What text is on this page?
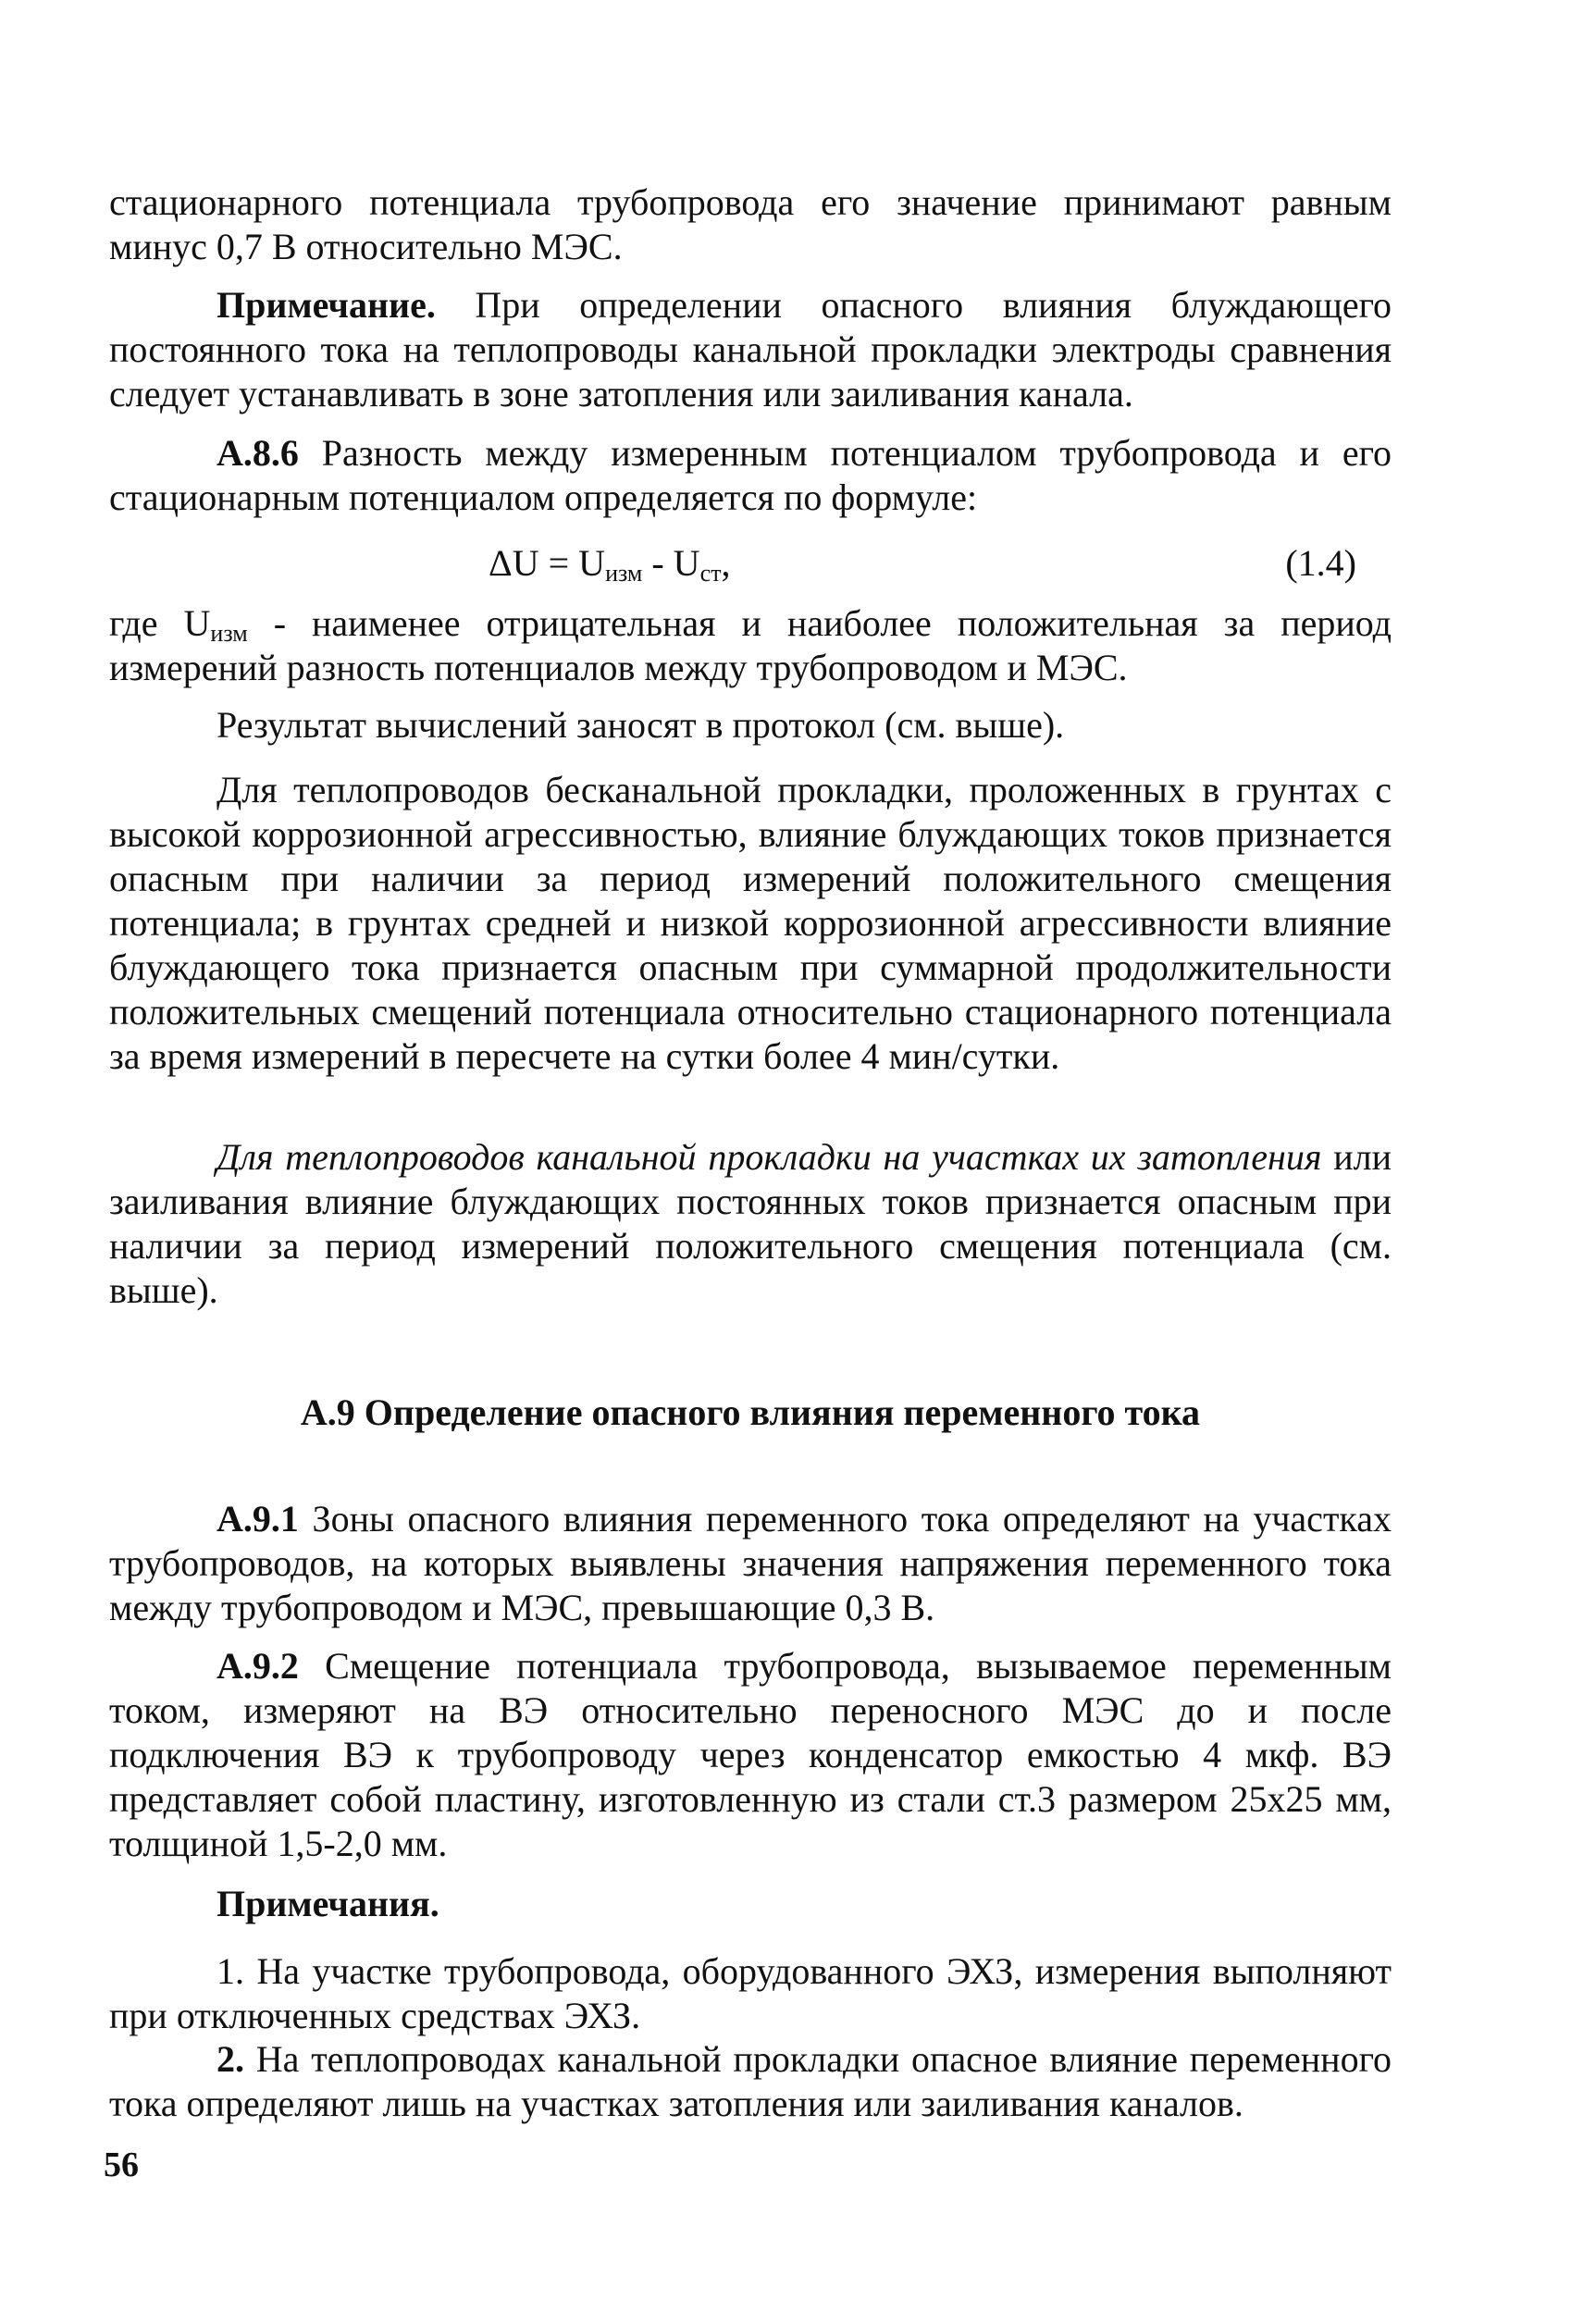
стационарного потенциала трубопровода его значение принимают равным минус 0,7 В относительно МЭС.

Примечание. При определении опасного влияния блуждающего постоянного тока на теплопроводы канальной прокладки электроды сравнения следует устанавливать в зоне затопления или заиливания канала.

А.8.6 Разность между измеренным потенциалом трубопровода и его стационарным потенциалом определяется по формуле:

$\Delta U = U_{изм} - U_{ст}$,	(1.4)

где $U_{изм}$ - наименее отрицательная и наиболее положительная за период измерений разность потенциалов между трубопроводом и МЭС.

Результат вычислений заносят в протокол (см. выше).

Для теплопроводов бесканальной прокладки, проложенных в грунтах с высокой коррозионной агрессивностью, влияние блуждающих токов признается опасным при наличии за период измерений положительного смещения потенциала; в грунтах средней и низкой коррозионной агрессивности влияние блуждающего тока признается опасным при суммарной продолжительности положительных смещений потенциала относительно стационарного потенциала за время измерений в пересчете на сутки более 4 мин/сутки.

Для теплопроводов канальной прокладки на участках их затопления или заиливания влияние блуждающих постоянных токов признается опасным при наличии за период измерений положительного смещения потенциала (см. выше).

А.9 Определение опасного влияния переменного тока

А.9.1 Зоны опасного влияния переменного тока определяют на участках трубопроводов, на которых выявлены значения напряжения переменного тока между трубопроводом и МЭС, превышающие 0,3 В.

А.9.2 Смещение потенциала трубопровода, вызываемое переменным током, измеряют на ВЭ относительно переносного МЭС до и после подключения ВЭ к трубопроводу через конденсатор емкостью 4 мкф. ВЭ представляет собой пластину, изготовленную из стали ст.3 размером 25х25 мм, толщиной 1,5-2,0 мм.

Примечания.

1. На участке трубопровода, оборудованного ЭХЗ, измерения выполняют при отключенных средствах ЭХЗ.

2. На теплопроводах канальной прокладки опасное влияние переменного тока определяют лишь на участках затопления или заиливания каналов.

56
